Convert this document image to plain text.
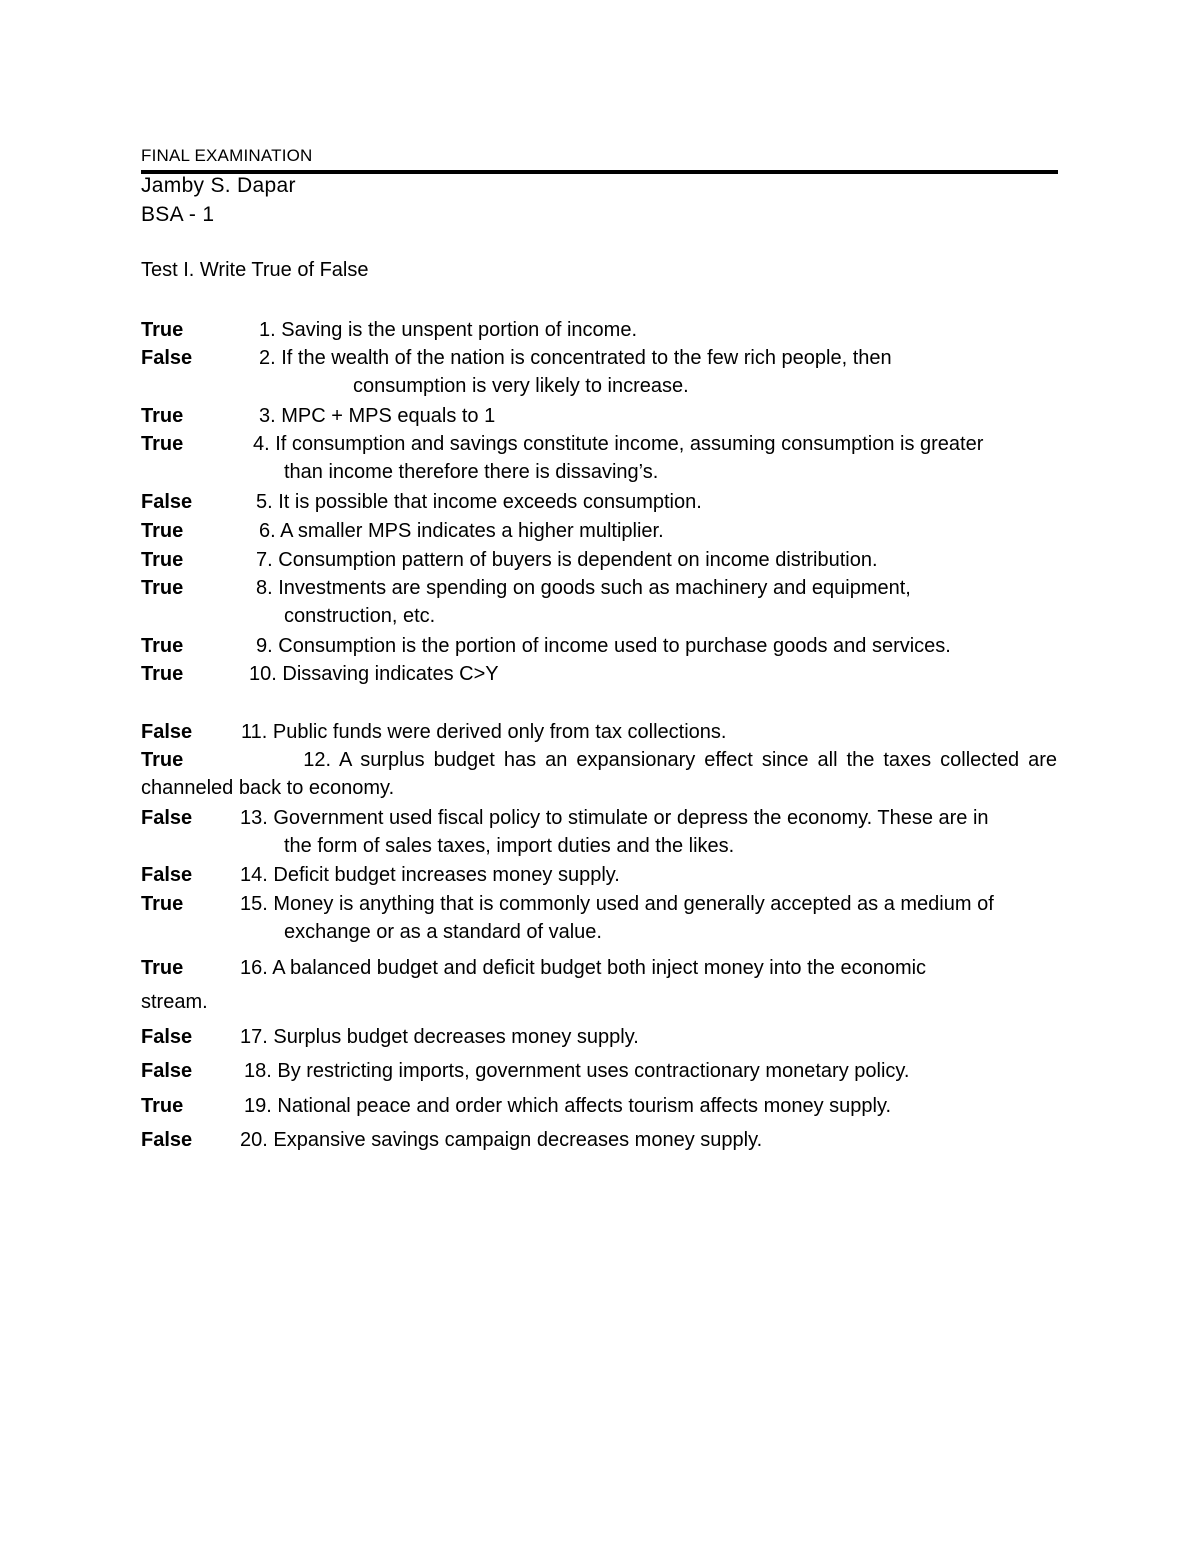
FINAL EXAMINATION
Jamby S. Dapar
BSA - 1
Test I. Write True of False
True	1. Saving is the unspent portion of income.
False	2. If the wealth of the nation is concentrated to the few rich people, then
consumption is very likely to increase.
True	3. MPC + MPS equals to 1
True	4. If consumption and savings constitute income, assuming consumption is greater
than income therefore there is dissaving’s.
False	5. It is possible that income exceeds consumption.
True	6. A smaller MPS indicates a higher multiplier.
True	7. Consumption pattern of buyers is dependent on income distribution.
True	8. Investments are spending on goods such as machinery and equipment,
construction, etc.
True	9. Consumption is the portion of income used to purchase goods and services.
True	10. Dissaving indicates C>Y
False 11. Public funds were derived only from tax collections.
True	12. A surplus budget has an expansionary effect since all the taxes collected are channeled back to economy.
False 13. Government used fiscal policy to stimulate or depress the economy. These are in
the form of sales taxes, import duties and the likes.
False 14. Deficit budget increases money supply.
True	15. Money is anything that is commonly used and generally accepted as a medium of
exchange or as a standard of value.
True	16. A balanced budget and deficit budget both inject money into the economic
stream.
False 17. Surplus budget decreases money supply.
False	18. By restricting imports, government uses contractionary monetary policy.
True	19. National peace and order which affects tourism affects money supply.
False 20. Expansive savings campaign decreases money supply.
